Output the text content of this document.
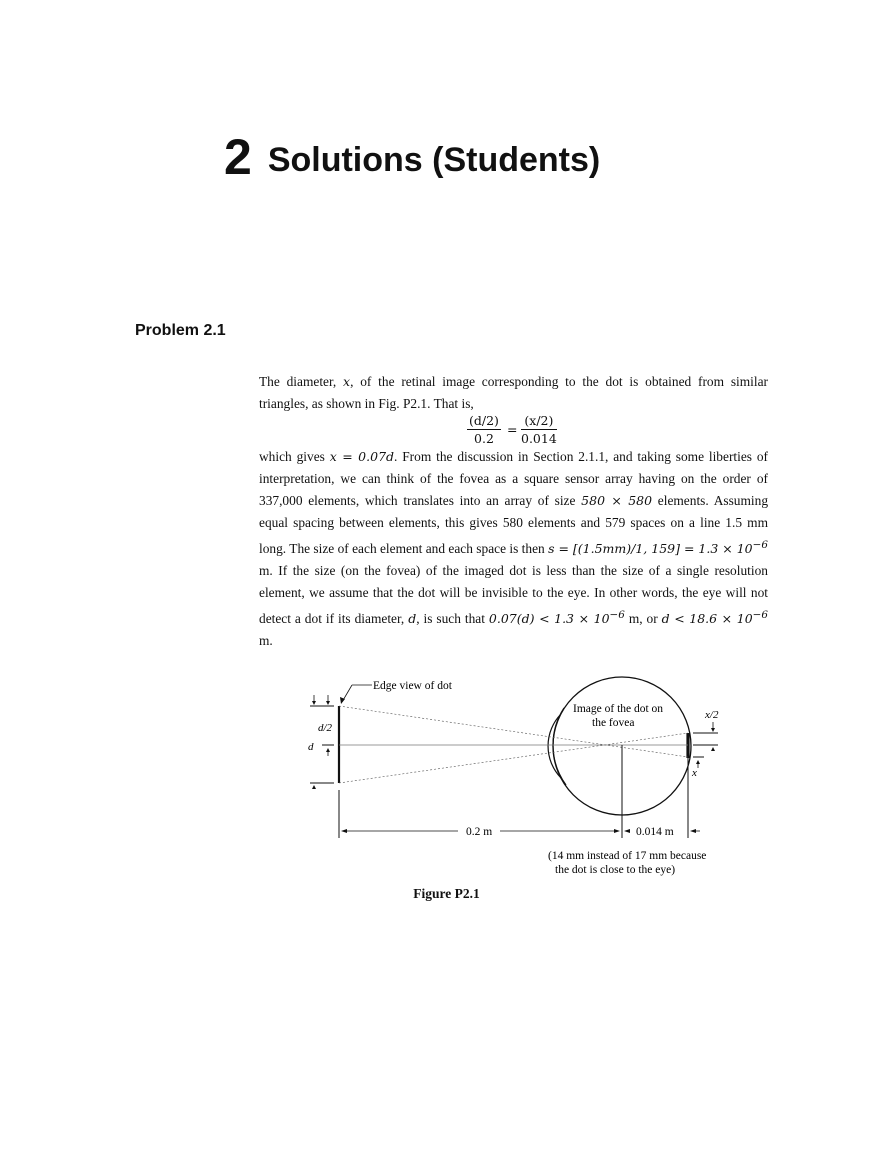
2 Solutions (Students)
Problem 2.1

The diameter, x, of the retinal image corresponding to the dot is obtained from similar triangles, as shown in Fig. P2.1. That is,

$\frac{(d/2)}{0.2} = \frac{(x/2)}{0.014}$

which gives x = 0.07d. From the discussion in Section 2.1.1, and taking some liberties of interpretation, we can think of the fovea as a square sensor array having on the order of 337,000 elements, which translates into an array of size 580 × 580 elements. Assuming equal spacing between elements, this gives 580 elements and 579 spaces on a line 1.5 mm long. The size of each element and each space is then s = [(1.5mm)/1, $159] = 1.3 \times 10^{-6}$ m. If the size (on the fovea) of the imaged dot is less than the size of a single resolution element, we assume that the dot will be invisible to the eye. In other words, the eye will not detect a dot if its diameter, d, is such that $0.07(d) < 1.3 \times 10^{-6}$ m, or $d < 18.6 \times 10^{-6}$ m.

Edge view of dot
d/2
d
x/2
x
Image of the dot on
the fovea
0.2 m	0.014 m
(14 mm instead of 17 mm because
the dot is close to the eye)
Figure P2.1
